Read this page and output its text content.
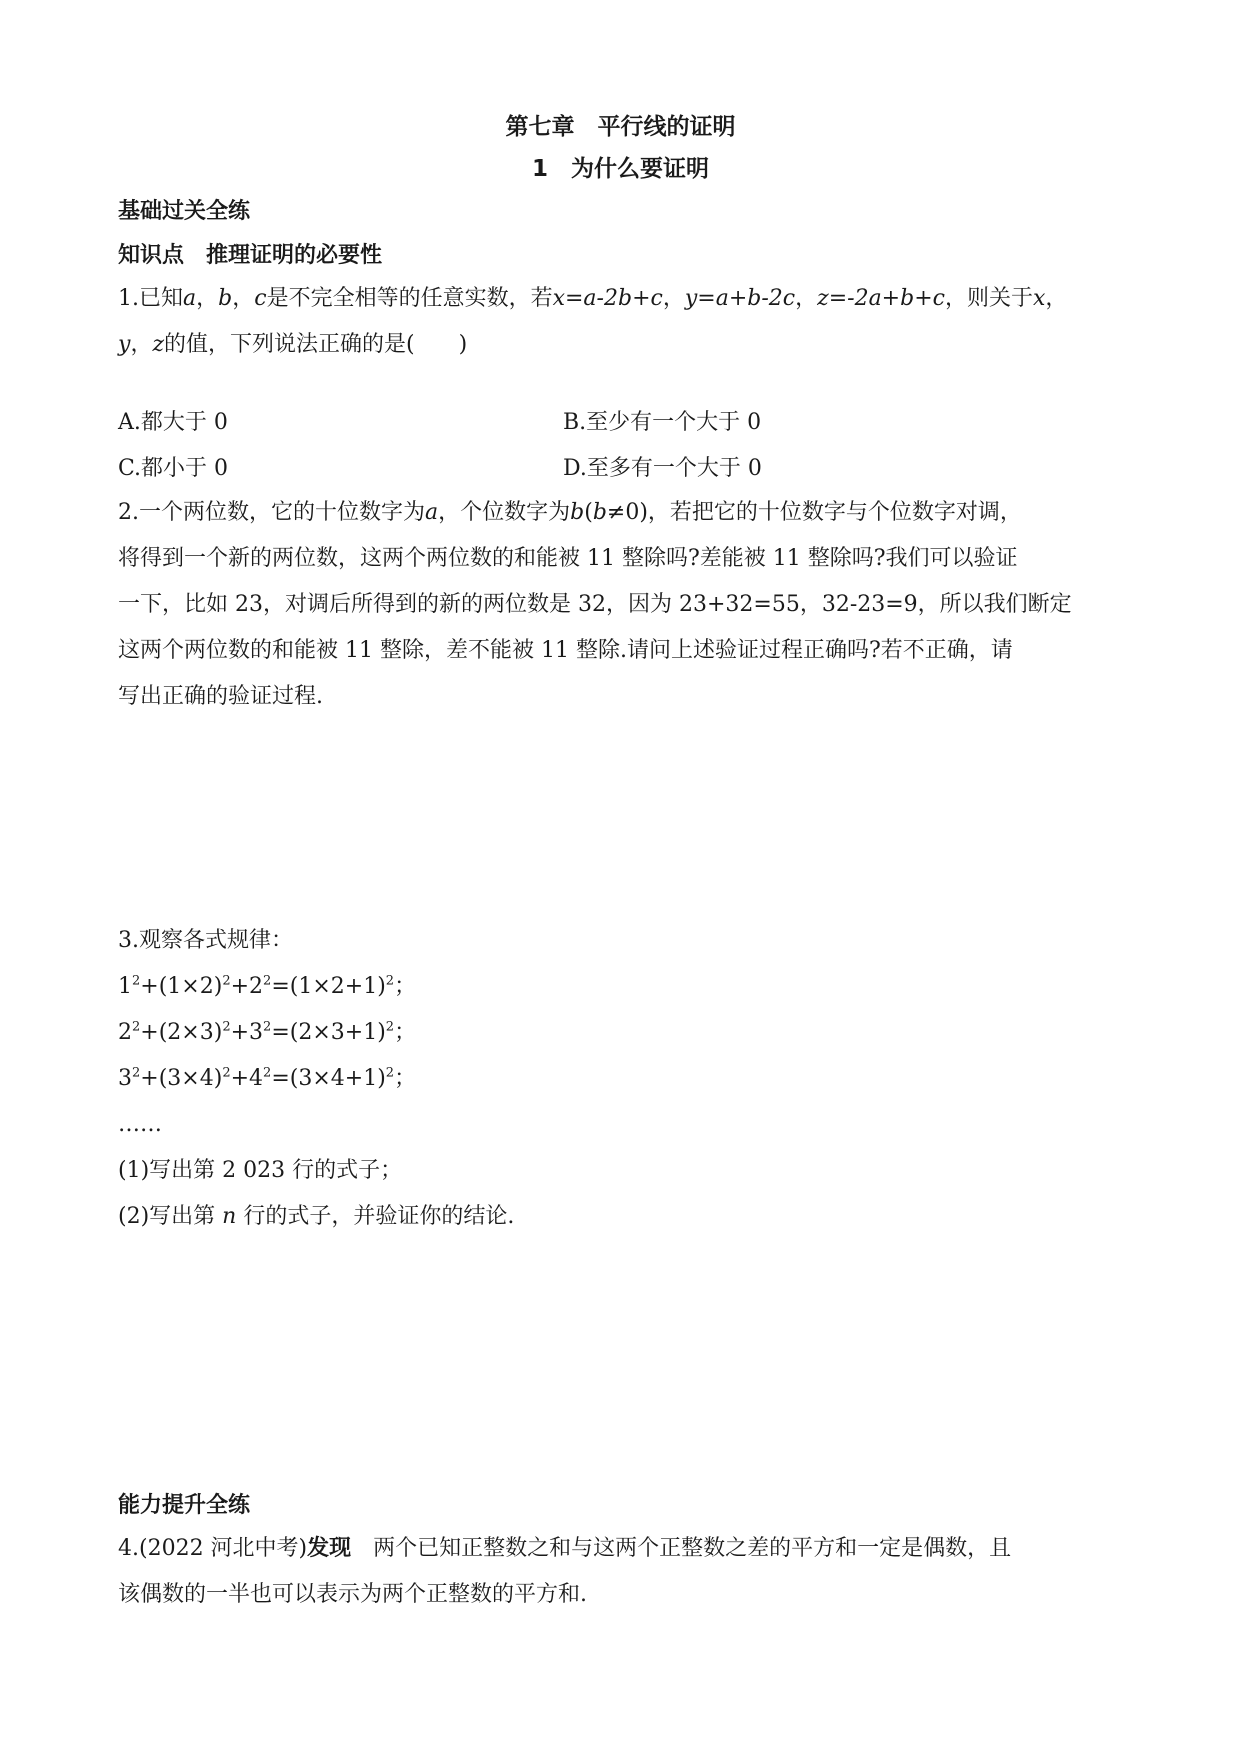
第七章　平行线的证明
1　为什么要证明
基础过关全练
知识点　推理证明的必要性
1.已知a，b，c是不完全相等的任意实数，若x=a-2b+c，y=a+b-2c，z=-2a+b+c，则关于x，
y，z的值，下列说法正确的是(　　)
A.都大于 0	B.至少有一个大于 0
C.都小于 0	D.至多有一个大于 0
2.一个两位数，它的十位数字为a，个位数字为b(b≠0)，若把它的十位数字与个位数字对调，
将得到一个新的两位数，这两个两位数的和能被 11 整除吗?差能被 11 整除吗?我们可以验证
一下，比如 23，对调后所得到的新的两位数是 32，因为 23+32=55，32-23=9，所以我们断定
这两个两位数的和能被 11 整除，差不能被 11 整除.请问上述验证过程正确吗?若不正确，请
写出正确的验证过程.
3.观察各式规律：
$1^2+(1\times 2)^2+2^2=(1\times 2+1)^2$；
$2^2+(2\times 3)^2+3^2=(2\times 3+1)^2$；
$3^2+(3\times 4)^2+4^2=(3\times 4+1)^2$；
……
(1)写出第 2 023 行的式子；
(2)写出第 n 行的式子，并验证你的结论.
能力提升全练
4.(2022 河北中考)发现　两个已知正整数之和与这两个正整数之差的平方和一定是偶数，且
该偶数的一半也可以表示为两个正整数的平方和.
